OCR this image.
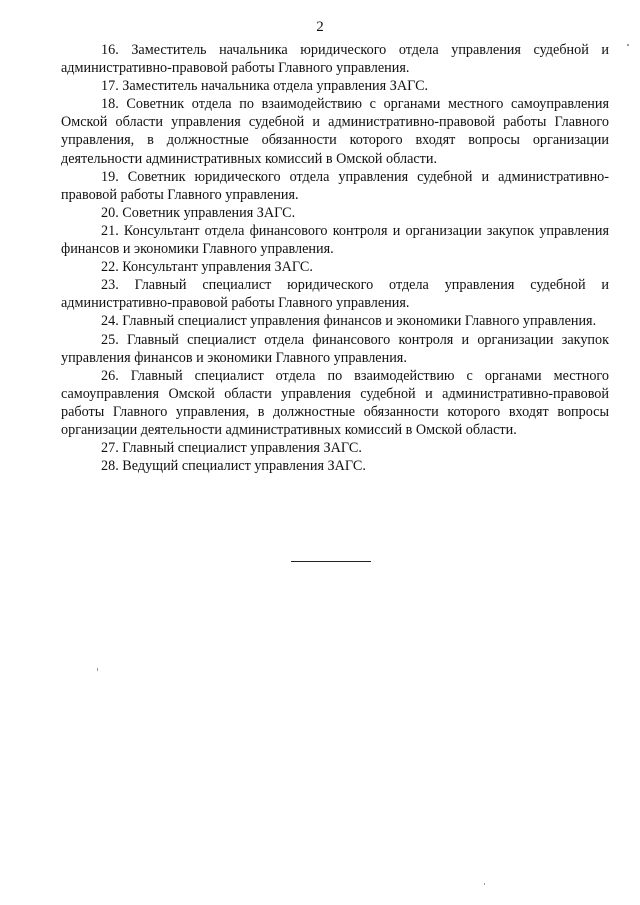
2

16. Заместитель начальника юридического отдела управления судебной и административно-правовой работы Главного управления.

17. Заместитель начальника отдела управления ЗАГС.

18. Советник отдела по взаимодействию с органами местного самоуправления Омской области управления судебной и административно-правовой работы Главного управления, в должностные обязанности которого входят вопросы организации деятельности административных комиссий в Омской области.

19. Советник юридического отдела управления судебной и административно-правовой работы Главного управления.

20. Советник управления ЗАГС.

21. Консультант отдела финансового контроля и организации закупок управления финансов и экономики Главного управления.

22. Консультант управления ЗАГС.

23. Главный специалист юридического отдела управления судебной и административно-правовой работы Главного управления.

24. Главный специалист управления финансов и экономики Главного управления.

25. Главный специалист отдела финансового контроля и организации закупок управления финансов и экономики Главного управления.

26. Главный специалист отдела по взаимодействию с органами местного самоуправления Омской области управления судебной и административно-правовой работы Главного управления, в должностные обязанности которого входят вопросы организации деятельности административных комиссий в Омской области.

27. Главный специалист управления ЗАГС.

28. Ведущий специалист управления ЗАГС.
